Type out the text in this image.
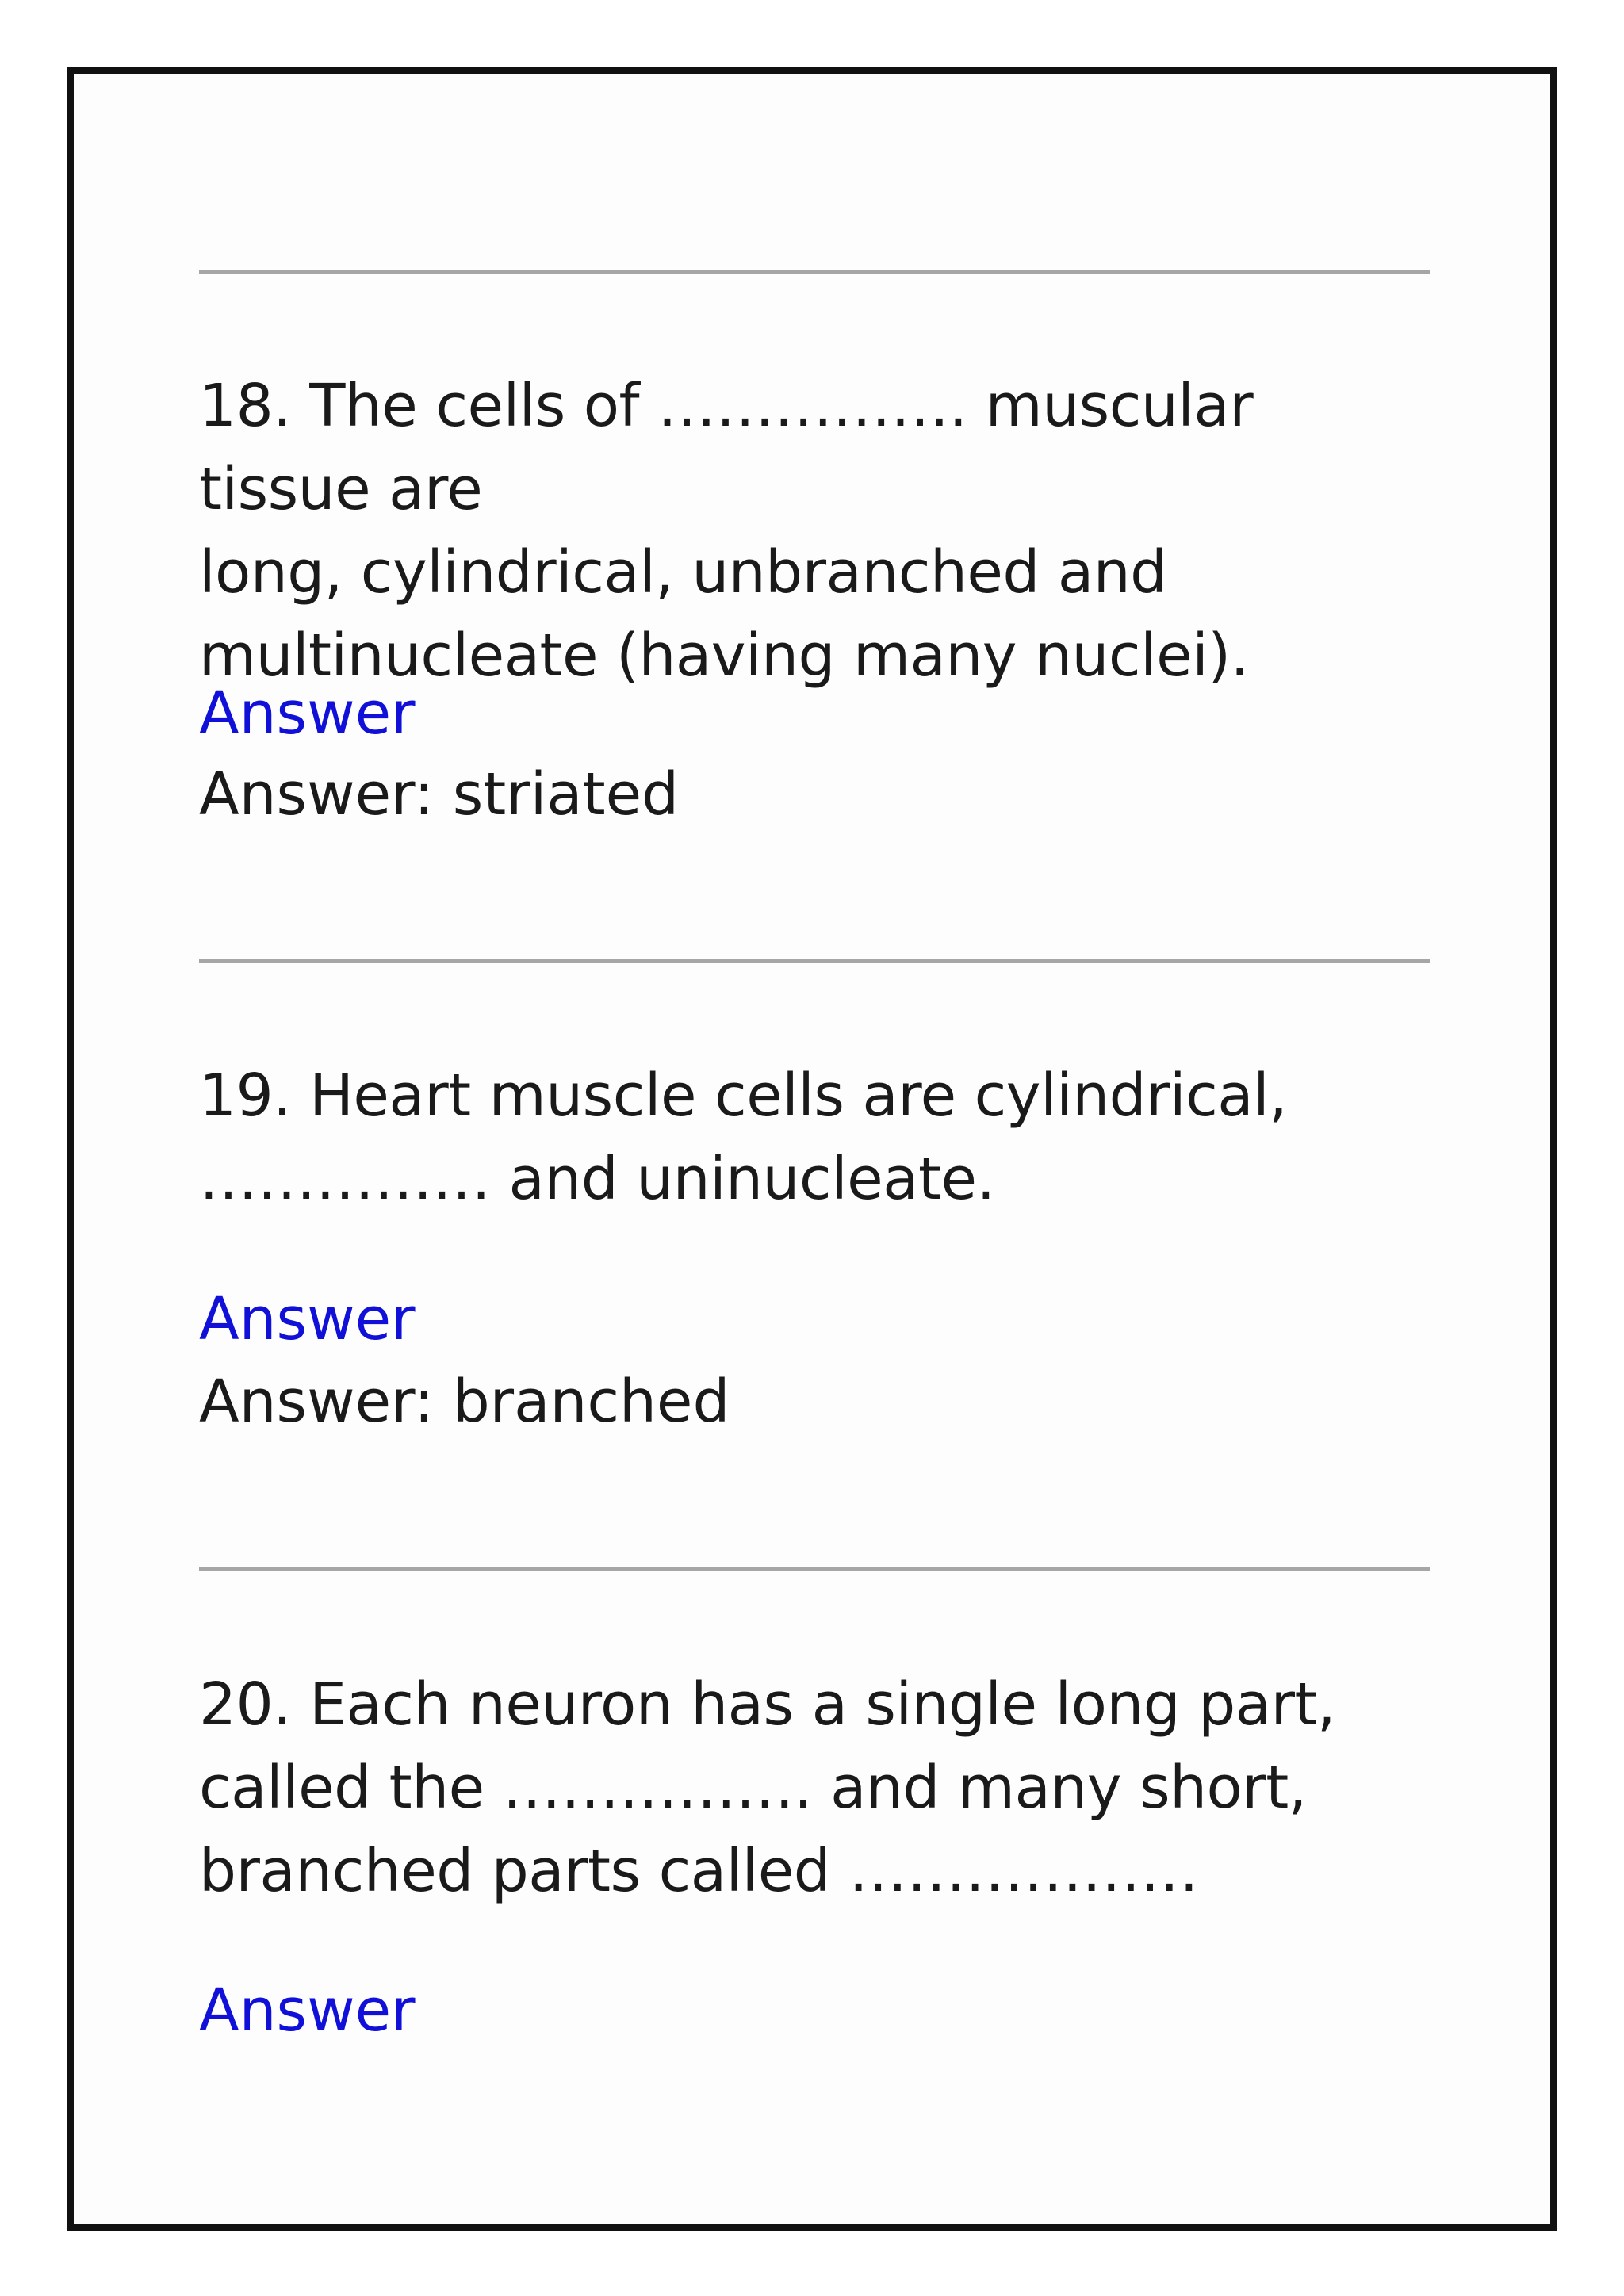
18. The cells of ……………. muscular tissue are
long, cylindrical, unbranched and
multinucleate (having many nuclei).

Answer

Answer: striated

19. Heart muscle cells are cylindrical,
…………… and uninucleate.

Answer

Answer: branched

20. Each neuron has a single long part,
called the ……………. and many short,
branched parts called ………………

Answer
